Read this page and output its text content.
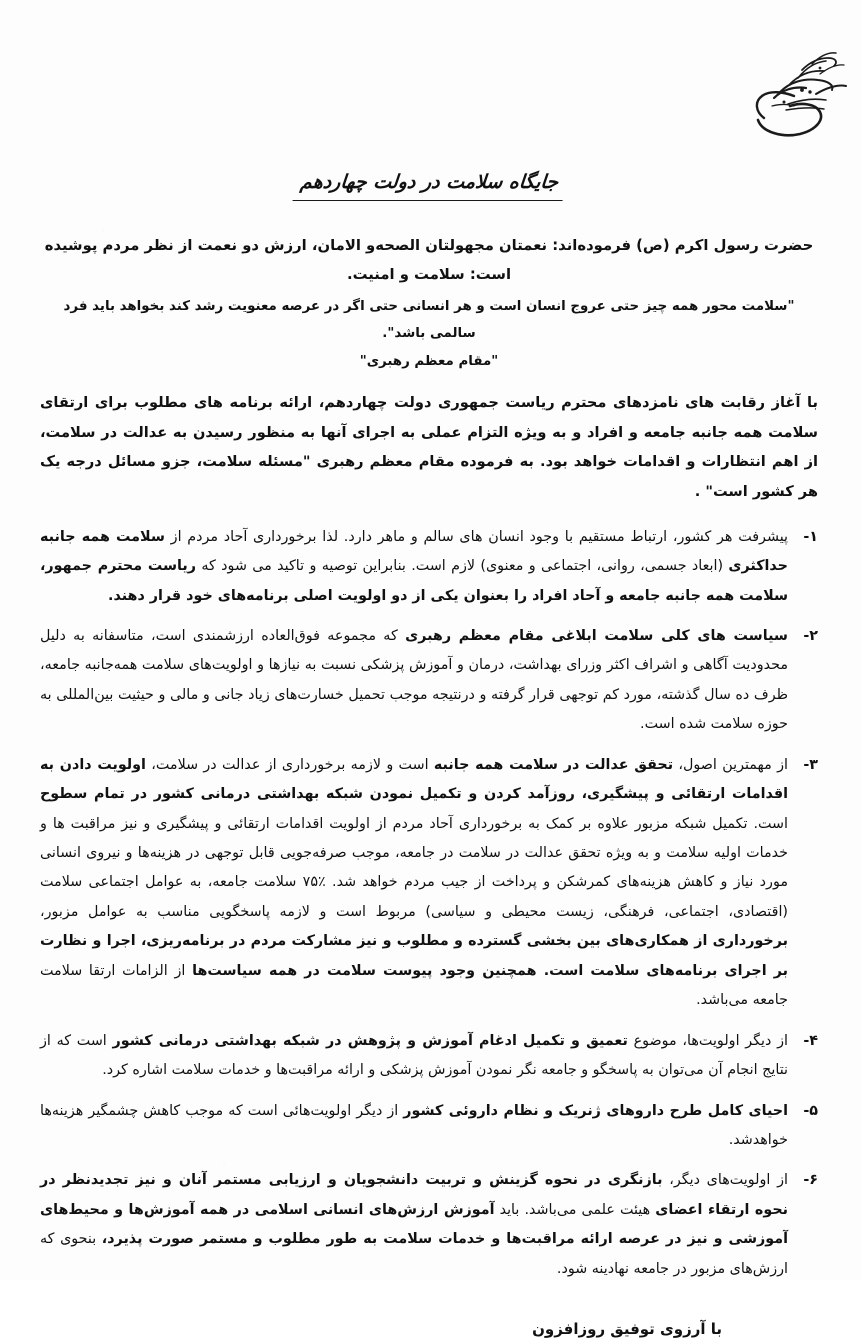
جایگاه سلامت در دولت چهاردهم

حضرت رسول اکرم (ص) فرموده‌اند: نعمتان مجهولتان الصحه‌و الامان، ارزش دو نعمت از نظر مردم پوشیده است: سلامت و امنیت.

"سلامت محور همه چیز حتی عروج انسان است و هر انسانی حتی اگر در عرصه معنویت رشد کند بخواهد باید فرد سالمی باشد".

"مقام معظم رهبری"

با آغاز رقابت های نامزدهای محترم ریاست جمهوری دولت چهاردهم، ارائه برنامه های مطلوب برای ارتقای سلامت همه جانبه جامعه و افراد و به ویژه التزام عملی به اجرای آنها به منظور رسیدن به عدالت در سلامت، از اهم انتظارات و اقدامات خواهد بود. به فرموده مقام معظم رهبری "مسئله سلامت، جزو مسائل درجه یک هر کشور است" .

۱-
پیشرفت هر کشور، ارتباط مستقیم با وجود انسان های سالم و ماهر دارد. لذا برخورداری آحاد مردم از سلامت همه جانبه حداکثری (ابعاد جسمی، روانی، اجتماعی و معنوی) لازم است. بنابراین توصیه و تاکید می شود که ریاست محترم جمهور، سلامت همه جانبه جامعه و آحاد افراد را بعنوان یکی از دو اولویت اصلی برنامه‌های خود قرار دهند.
۲-
سیاست های کلی سلامت ابلاغی مقام معظم رهبری که مجموعه فوق‌العاده ارزشمندی است، متاسفانه به دلیل محدودیت آگاهی و اشراف اکثر وزرای بهداشت، درمان و آموزش پزشکی نسبت به نیازها و اولویت‌های سلامت همه‌جانبه جامعه، ظرف ده سال گذشته، مورد کم توجهی قرار گرفته و درنتیجه موجب تحمیل خسارت‌های زیاد جانی و مالی و حیثیت بین‌المللی به حوزه سلامت شده است.
۳-
از مهمترین اصول، تحقق عدالت در سلامت همه جانبه است و لازمه برخورداری از عدالت در سلامت، اولویت دادن به اقدامات ارتقائی و پیشگیری، روزآمد کردن و تکمیل نمودن شبکه بهداشتی درمانی کشور در تمام سطوح است. تکمیل شبکه مزبور علاوه بر کمک به برخورداری آحاد مردم از اولویت اقدامات ارتقائی و پیشگیری و نیز مراقبت ها و خدمات اولیه سلامت و به ویژه تحقق عدالت در سلامت در جامعه، موجب صرفه‌جویی قابل توجهی در هزینه‌ها و نیروی انسانی مورد نیاز و کاهش هزینه‌های کمرشکن و پرداخت از جیب مردم خواهد شد. ٪۷۵ سلامت جامعه، به عوامل اجتماعی سلامت (اقتصادی، اجتماعی، فرهنگی، زیست محیطی و سیاسی) مربوط است و لازمه پاسخگویی مناسب به عوامل مزبور، برخورداری از همکاری‌های بین بخشی گسترده و مطلوب و نیز مشارکت مردم در برنامه‌ریزی، اجرا و نظارت بر اجرای برنامه‌های سلامت است. همچنین وجود پیوست سلامت در همه سیاست‌ها از الزامات ارتقا سلامت جامعه می‌باشد.
۴-
از دیگر اولویت‌ها، موضوع تعمیق و تکمیل ادغام آموزش و پژوهش در شبکه بهداشتی درمانی کشور است که از نتایج انجام آن می‌توان به پاسخگو و جامعه نگر نمودن آموزش پزشکی و ارائه مراقبت‌ها و خدمات سلامت اشاره کرد.
۵-
احیای کامل طرح داروهای ژنریک و نظام داروئی کشور از دیگر اولویت‌هائی است که موجب کاهش چشمگیر هزینه‌ها خواهدشد.
۶-
از اولویت‌های دیگر، بازنگری در نحوه گزینش و تربیت دانشجویان و ارزیابی مستمر آنان و نیز تجدیدنظر در نحوه ارتقاء اعضای هیئت علمی می‌باشد. باید آموزش ارزش‌های انسانی اسلامی در همه آموزش‌ها و محیط‌های آموزشی و نیز در عرصه ارائه مراقبت‌ها و خدمات سلامت به طور مطلوب و مستمر صورت پذیرد، بنحوی که ارزش‌های مزبور در جامعه نهادینه شود.
با آرزوی توفیق روزافزون
